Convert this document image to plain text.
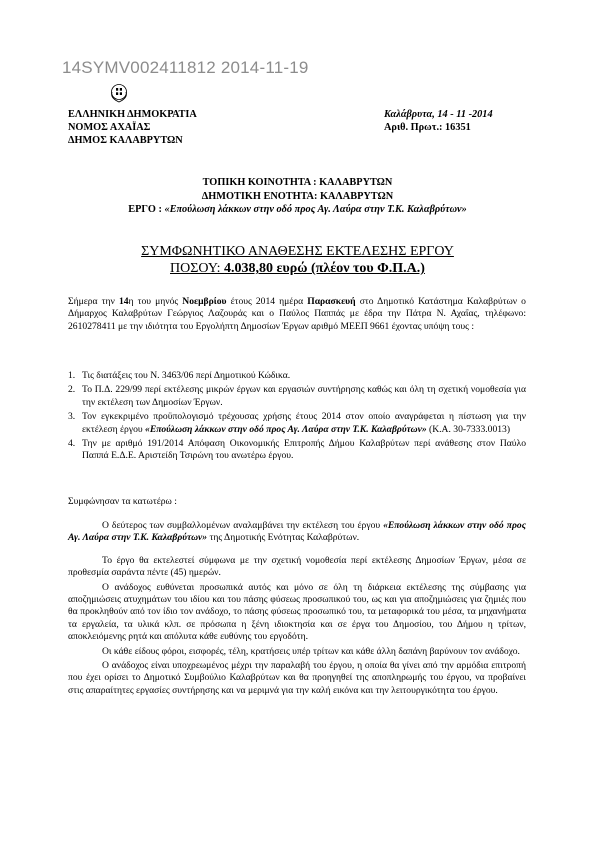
14SYMV002411812 2014-11-19
ΕΛΛΗΝΙΚΗ ΔΗΜΟΚΡΑΤΙΑ
ΝΟΜΟΣ ΑΧΑΪΑΣ
ΔΗΜΟΣ ΚΑΛΑΒΡΥΤΩΝ
Καλάβρυτα, 14 - 11 -2014
Αριθ. Πρωτ.: 16351
ΤΟΠΙΚΗ ΚΟΙΝΟΤΗΤΑ : ΚΑΛΑΒΡΥΤΩΝ
ΔΗΜΟΤΙΚΗ ΕΝΟΤΗΤΑ: ΚΑΛΑΒΡΥΤΩΝ
ΕΡΓΟ : «Επούλωση λάκκων στην οδό προς Αγ. Λαύρα στην Τ.Κ. Καλαβρύτων»
ΣΥΜΦΩΝΗΤΙΚΟ ΑΝΑΘΕΣΗΣ ΕΚΤΕΛΕΣΗΣ ΕΡΓΟΥ
ΠΟΣΟΥ: 4.038,80 ευρώ (πλέον του Φ.Π.Α.)
Σήμερα την 14η του μηνός Νοεμβρίου έτους 2014 ημέρα Παρασκευή στο Δημοτικό Κατάστημα Καλαβρύτων ο Δήμαρχος Καλαβρύτων Γεώργιος Λαζουράς και ο Παύλος Παππάς με έδρα την Πάτρα Ν. Αχαΐας, τηλέφωνο: 2610278411 με την ιδιότητα του Εργολήπτη Δημοσίων Έργων αριθμό ΜΕΕΠ 9661 έχοντας υπόψη τους :
1. Τις διατάξεις του Ν. 3463/06 περί Δημοτικού Κώδικα.
2. Το Π.Δ. 229/99 περί εκτέλεσης μικρών έργων και εργασιών συντήρησης καθώς και όλη τη σχετική νομοθεσία για την εκτέλεση των Δημοσίων Έργων.
3. Τον εγκεκριμένο προϋπολογισμό τρέχουσας χρήσης έτους 2014 στον οποίο αναγράφεται η πίστωση για την εκτέλεση έργου «Επούλωση λάκκων στην οδό προς Αγ. Λαύρα στην Τ.Κ. Καλαβρύτων» (Κ.Α. 30-7333.0013)
4. Την με αριθμό 191/2014 Απόφαση Οικονομικής Επιτροπής Δήμου Καλαβρύτων περί ανάθεσης στον Παύλο Παππά Ε.Δ.Ε. Αριστείδη Τσιρώνη του ανωτέρω έργου.
Συμφώνησαν τα κατωτέρω :
Ο δεύτερος των συμβαλλομένων αναλαμβάνει την εκτέλεση του έργου «Επούλωση λάκκων στην οδό προς Αγ. Λαύρα στην Τ.Κ. Καλαβρύτων» της Δημοτικής Ενότητας Καλαβρύτων.
Το έργο θα εκτελεστεί σύμφωνα με την σχετική νομοθεσία περί εκτέλεσης Δημοσίων Έργων, μέσα σε προθεσμία σαράντα πέντε (45) ημερών.
Ο ανάδοχος ευθύνεται προσωπικά αυτός και μόνο σε όλη τη διάρκεια εκτέλεσης της σύμβασης για αποζημιώσεις ατυχημάτων του ιδίου και του πάσης φύσεως προσωπικού του, ως και για αποζημιώσεις για ζημιές που θα προκληθούν από τον ίδιο τον ανάδοχο, το πάσης φύσεως προσωπικό του, τα μεταφορικά του μέσα, τα μηχανήματα τα εργαλεία, τα υλικά κλπ. σε πρόσωπα η ξένη ιδιοκτησία και σε έργα του Δημοσίου, του Δήμου η τρίτων, αποκλειόμενης ρητά και απόλυτα κάθε ευθύνης του εργοδότη.
Οι κάθε είδους φόροι, εισφορές, τέλη, κρατήσεις υπέρ τρίτων και κάθε άλλη δαπάνη βαρύνουν τον ανάδοχο.
Ο ανάδοχος είναι υποχρεωμένος μέχρι την παραλαβή του έργου, η οποία θα γίνει από την αρμόδια επιτροπή που έχει ορίσει το Δημοτικό Συμβούλιο Καλαβρύτων και θα προηγηθεί της αποπληρωμής του έργου, να προβαίνει στις απαραίτητες εργασίες συντήρησης και να μεριμνά για την καλή εικόνα και την λειτουργικότητα του έργου.
